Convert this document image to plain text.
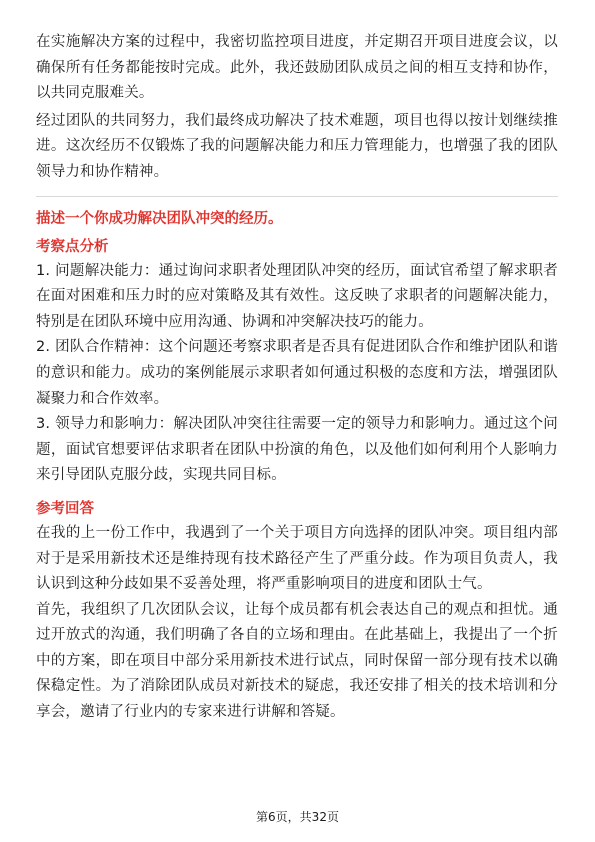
在实施解决方案的过程中，我密切监控项目进度，并定期召开项目进度会议，以确保所有任务都能按时完成。此外，我还鼓励团队成员之间的相互支持和协作，以共同克服难关。

经过团队的共同努力，我们最终成功解决了技术难题，项目也得以按计划继续推进。这次经历不仅锻炼了我的问题解决能力和压力管理能力，也增强了我的团队领导力和协作精神。

描述一个你成功解决团队冲突的经历。

考察点分析

1. 问题解决能力：通过询问求职者处理团队冲突的经历，面试官希望了解求职者在面对困难和压力时的应对策略及其有效性。这反映了求职者的问题解决能力，特别是在团队环境中应用沟通、协调和冲突解决技巧的能力。

2. 团队合作精神：这个问题还考察求职者是否具有促进团队合作和维护团队和谐的意识和能力。成功的案例能展示求职者如何通过积极的态度和方法，增强团队凝聚力和合作效率。

3. 领导力和影响力：解决团队冲突往往需要一定的领导力和影响力。通过这个问题，面试官想要评估求职者在团队中扮演的角色，以及他们如何利用个人影响力来引导团队克服分歧，实现共同目标。

参考回答

在我的上一份工作中，我遇到了一个关于项目方向选择的团队冲突。项目组内部对于是采用新技术还是维持现有技术路径产生了严重分歧。作为项目负责人，我认识到这种分歧如果不妥善处理，将严重影响项目的进度和团队士气。

首先，我组织了几次团队会议，让每个成员都有机会表达自己的观点和担忧。通过开放式的沟通，我们明确了各自的立场和理由。在此基础上，我提出了一个折中的方案，即在项目中部分采用新技术进行试点，同时保留一部分现有技术以确保稳定性。为了消除团队成员对新技术的疑虑，我还安排了相关的技术培训和分享会，邀请了行业内的专家来进行讲解和答疑。

第6页，共32页
